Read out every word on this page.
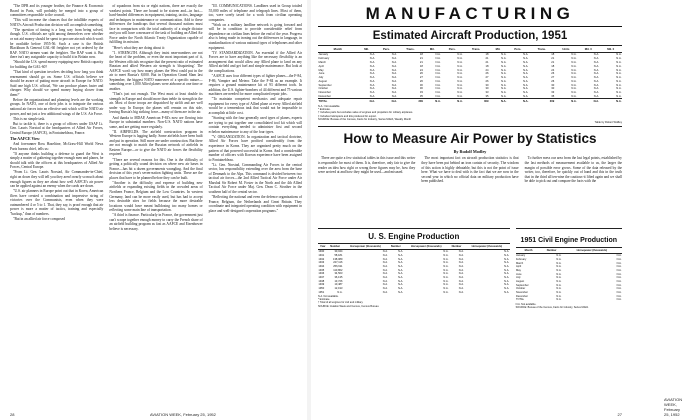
"The DPR and its younger brother, the Finance & Economic Board in Paris, will probably be merged into a group of committees responsible to the council.

"This will increase the chances that the infallible experts of NATO's Aircraft Production division will accomplish something.

"The question of timing is a long way from being solved, though. U.S. officials are split among themselves over whether or not aid money should be spent to procure aircraft which won't be available before 1955-56. Such a case is the British Blackburn & General GAL-60 freighter not yet ordered by the RAF. NATO airmen want the freighter. The RAF want it. But there isn't any assignable capacity to build it in Britain now.

"Should the U.S. spend money equipping new British capacity for building the GAL-60?

"That kind of question involves deciding how long you think rearmament should go on. Some U.S. officials believe we should be aware of putting more aircraft in Europe for NATO. Said one high U.S. official, 'We can produce planes faster and cheaper. Why should we spend money buying slower from them?'

Before the organizational and planning levels are the working groups. In NATO, one of their jobs is to integrate the various national air forces into an effective unit which will be NATO air power, and not just a few additional wings of the U.S. Air Force.

This is no simple task.

But to tackle it, there is a group of officers under USAF Lt. Gen. Lauris Norstad at the headquarters of Allied Air Forces, Central Europe (AAFCE), in Fontainebleau, France.

The AAFCE View

And forerunner Ross Hazeltine, McGraw-Hill World News Paris bureau chief, tells us:

"If anyone thinks building a defense to guard the West is simply a matter of gathering together enough men and planes, he should talk with the officers at this headquarters of Allied Air Forces, Central Europe.

"From Lt. Gen. Lauris Norstad, Air Commander-in-Chief, right on down they will tell you they aren't nearly so much about enough figures as they are about how well AAFCE's air power can be applied against an enemy when the cards are down.

"U.S. air planners in Europe point out that in Korea, American fliers have created a combination and impressive string of victories over the Communists, even when they were outnumbered 4 or 5 to 1. That, they say, is proof enough that air power is more a matter of tactics, training and especially "backup," than of numbers.

"But in an allied air force composed

of squadrons from six or eight nations, there are exactly the weakest points. There are bound to be sixteen and—in fact—hard-headed differences in equipment, training, tactics, language and techniques in maintenance or communication. Add to these differences the handicaps that several thousand nations must face in comparison with the total authority of a single dictator and you will have a measure of the task of building an Allied Air Force under the North Atlantic Treaty Organization capable of fulfilling its mission.

"Here's what they are doing about it:

"1. STRENGTH. Although they insist near-numbers are not the heart of the problem, or even the most important part of it, the Western officials recognize that the present ratio of estimated Russian and allied Western air strength is 'disquieting.' The AAFCE won't say how many planes the West could put in the air to meet Russia's 8,000. But in Operation Grand Slam last September, the biggest NATO maneuver of a specific nature—something over 1,000 Allied planes were airborne at one time or another.

"That's just not enough. The West must at least double its strength in Europe and should more than treble its strength in the air. Most of those troops are dispatched by airlift and are well under way. In Europe, the planes will remain on this side, leaving Russia's big striking force—many of them are in the air.

And thanks to MDAP, American F-84's now are flowing into Europe in substantial numbers. Non-U.S. NATO nations have some, and are getting more regularly.

"II. AIRFIELDS. The airfield construction program in Western Europe is lagging badly. Some airfields have been built and put in operation. Still more are under construction. But there are not enough to match the Russian network of airfields in Eastern Europe—or to give the NATO air forces the flexibility required.

"There are several reasons for this. One is the difficulty of getting a politically sound decision on where new air bases in France—has hit a dozen governments wrangling. And the final decision of this year's seven-nation fighting units. These are the places that have to be planned before they can be built.

"Another is the difficulty and expense of building new airfields or expanding existing fields in the crowded areas of Northern France, Belgium and the Low Countries. In western Germany, land can be more easily used, but has had to accept less desirable sites for fields because the more desirable locations would have meant bulldozing too many homes or reflecting some main line of transportation.

"A third is finance. Particularly in France, the government just can't scrape together enough money to carry the French share of an airfield building program as fast as AAFCE and Eisenhower believe is necessary.

"III. COMMUNICATIONS. Landlines used in Group totaled 55,000 miles of telephone and telegraph lines. Most of them, too, were sorely taxed for a work from civilian operating companies.

"Work on a military landline network is going forward and will be in condition to provide considerable relief from dependence on civilian lines before the end of the year. Progress also is being made in ironing out the differences in language, in standardization of various national types of telephones and other equipment.

"IV. STANDARDIZATION. An essential if the Allied Air Forces are to have anything like the necessary flexibility is an arrangement that would allow any Allied plane to land on any Allied airfield and get fuel and simple maintenance. But look at the complications.

"AAFCE uses four different types of fighter planes—the F-84, F-86, Vampire and Meteor. Take the F-84 as an example. It requires a ground maintenance kit of 93 different tools. In addition, the U.S. fighter-bombers of 44 different and 75 various machines are needed for more complicated repair jobs.

"To maintain competent mechanics and adequate repair equipment for every type of Allied plane at every Allied airfield would be a tremendous task that would not be impossible to accomplish at little cost.

"Starting with the four generally used types of planes, experts are trying to put together one consolidated tool kit which will contain everything needed to administer first and second echelon maintenance to any of the four types.

"V. ORGANIZATION. In organization and tactical doctrine, Allied Air Forces have profited considerably from the experience in Korea. They are organized pretty much on the pattern of that powered successful in Korea. And a considerable number of officers with Korean experience have been assigned to Fontainebleau.

"Lt. Gen. Norstad, Commanding Air Forces in the central sector, has responsibility extending over the area from the base of Denmark to the Alps. This command is divided between two tactical air forces—the 2nd Allied Tactical Air Force under Air Marshal Sir Robert M. Foster in the North and the 4th Allied Tactical Air Force under Maj. Gen. Dean C. Strother in the southern half of the central sector.

"Reflecting the national and even the defence organizations of France, Belgium, the Netherlands and Great Britain. They coordinate and integrated operating condition with equipment in place and well-designed cooperation programs."

28	AVIATION WEEK, February 25, 1952
MANUFACTURING
Estimated Aircraft Production, 1951
Month	Mil.	Pers.	Trans.	Mil.	Pers.	Trans.	Mil.	Pers.	Trans.	Units	Mil. ¢	Mil. ¢
January	N.A.	N.A.	18	N.A.	N.A.	18	N.A.	N.A.	18	N.A.	N.A.	N.A.
February	N.A.	N.A.	21	N.A.	N.A.	21	N.A.	N.A.	21	N.A.	N.A.	N.A.
March	N.A.	N.A.	21	N.A.	N.A.	21	N.A.	N.A.	21	N.A.	N.A.	N.A.
April	N.A.	N.A.	18	N.A.	N.A.	18	N.A.	N.A.	18	N.A.	N.A.	N.A.
May	N.A.	N.A.	24	N.A.	N.A.	24	N.A.	N.A.	24	N.A.	N.A.	N.A.
June	N.A.	N.A.	26	N.A.	N.A.	26	N.A.	N.A.	26	N.A.	N.A.	N.A.
July	N.A.	N.A.	27	N.A.	N.A.	27	N.A.	N.A.	27	N.A.	N.A.	N.A.
August	N.A.	N.A.	26	N.A.	N.A.	26	N.A.	N.A.	26	N.A.	N.A.	N.A.
September	N.A.	N.A.	30	N.A.	N.A.	30	N.A.	N.A.	30	N.A.	N.A.	N.A.
October	N.A.	N.A.	30	N.A.	N.A.	30	N.A.	N.A.	30	N.A.	N.A.	N.A.
November	N.A.	N.A.	33	N.A.	N.A.	33	N.A.	N.A.	33	N.A.	N.A.	N.A.
December	N.A.	N.A.	35	N.A.	N.A.	35	N.A.	N.A.	35	N.A.	N.A.	N.A.
TOTAL	N.A.	N.A.	309	N.A.	N.A.	309	N.A.	N.A.	309	N.A.	N.A.	N.A.
N.A.: Not available.
* Estimate.
† Includes parts but excludes value of engines and propellers for military airplanes.
‡ Includes helicopters and kits produced for export.
SOURCE: Bureau of the Census, Facts for Industry, Series M42A, Weekly Month
Table by Robert Wolfley
How to Measure Air Power by Statistics
By Rudolf Modley

There are quite a few statistical tables in this issue and this writer is responsible for most of them. It is, therefore, only fair to give the reader an idea how right or wrong these figures may be, how they were arrived at and how they might be used—and misused.

The most important fact on aircraft production statistics is that they have been put behind an iron curtain of security. The wisdom of this action is highly debatable, but this is not the point of issue here. What we have to deal with is the fact that we are now in the second year in which no official data on military production have been published.

To further mess our area from the last legal points, established by the last methods of measurement available to us, the larger the margin of possible error grows. Some of the data released by the writer, too, therefore, be quickly out of hand and this in the truth that in the third all ten-nine the cautious-it lifted again and we shall be able to pick out and compare the facts with the

U. S. Engine Production
Year	Number	Horsepower (thousands)	Number	Horsepower (thousands)	Number	Horsepower (thousands)
1940	30,044	N.A.	N.A.	N.A.	N.A.	N.A.
1941	58,181	N.A.	N.A.	N.A.	N.A.	N.A.
1942	138,089	N.A.	N.A.	N.A.	N.A.	N.A.
1943	227,116	N.A.	N.A.	N.A.	N.A.	N.A.
1944	256,911	N.A.	N.A.	N.A.	N.A.	N.A.
1945	110,862	N.A.	N.A.	N.A.	N.A.	N.A.
1946	34,563	N.A.	N.A.	N.A.	N.A.	N.A.
1947	36,135	N.A.	N.A.	N.A.	N.A.	N.A.
1948	13,726	N.A.	N.A.	N.A.	N.A.	N.A.
1949	10,487	N.A.	N.A.	N.A.	N.A.	N.A.
1950	12,193	N.A.	N.A.	N.A.	N.A.	N.A.
1951	N.A.	N.A.	N.A.	N.A.	N.A.	N.A.
N.A. Not available.
* Estimate.
† Total of all engines for civil and military.
SOURCE: Aviation Week and Census, Census Bureau.
1951 Civil Engine Production
Month	Number	Horsepower (thousands)
January	N.A.	N.A.
February	N.A.	N.A.
March	N.A.	N.A.
April	N.A.	N.A.
May	N.A.	N.A.
June	N.A.	N.A.
July	N.A.	N.A.
August	N.A.	N.A.
September	N.A.	N.A.
October	N.A.	N.A.
November	N.A.	N.A.
December	N.A.	N.A.
TOTAL	N.A.	N.A.
N.A. Not available.
SOURCE: Bureau of the Census, Facts for Industry, Series M42A.
AVIATION WEEK, February 25, 1952
27
